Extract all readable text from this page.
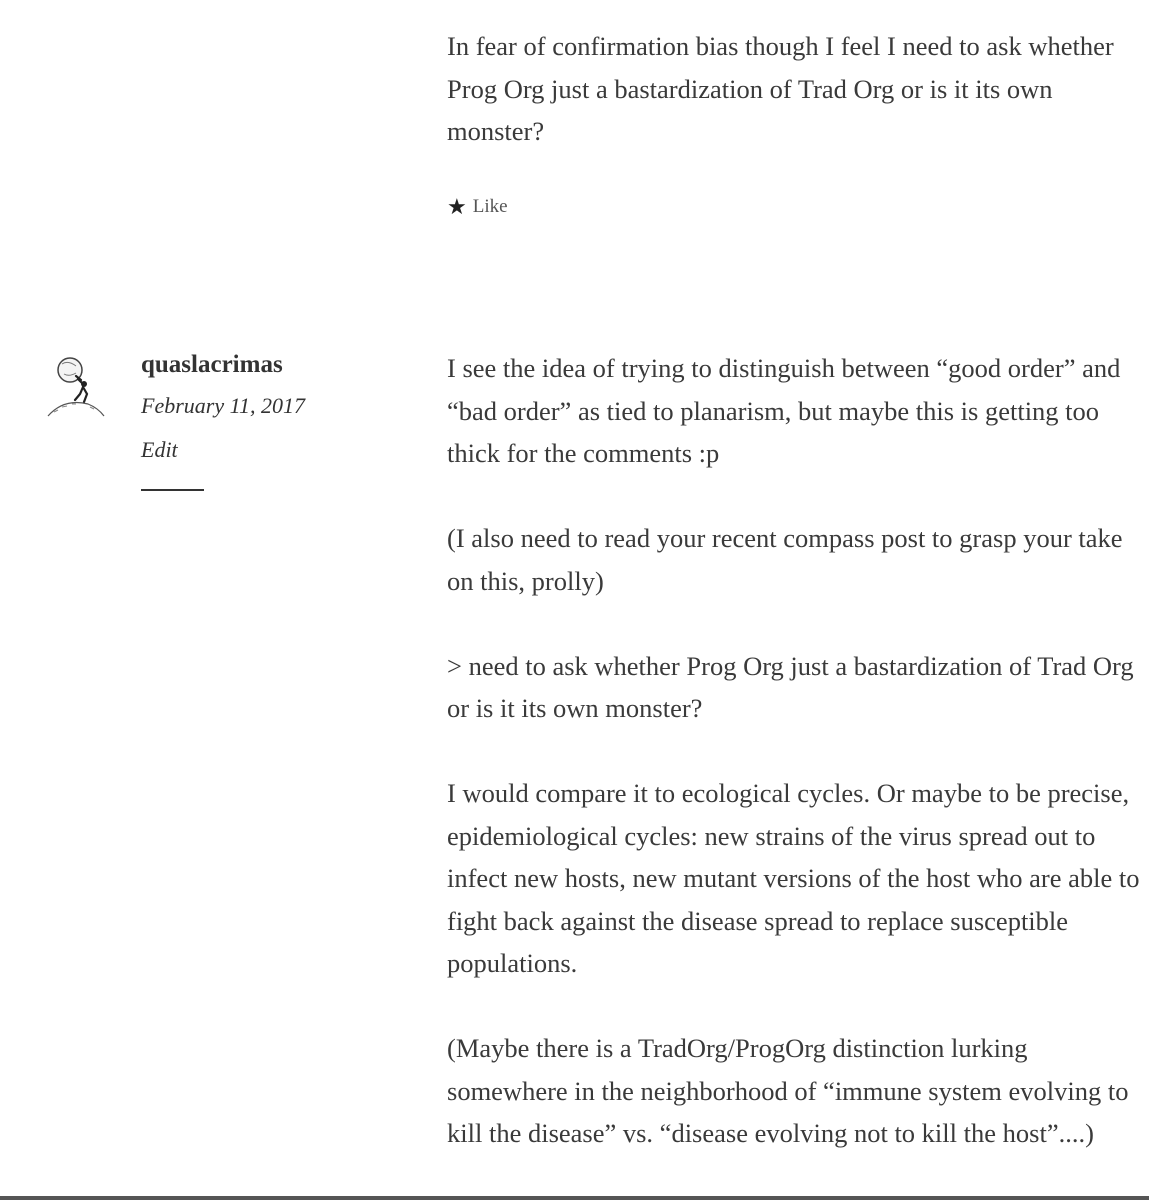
In fear of confirmation bias though I feel I need to ask whether Prog Org just a bastardization of Trad Org or is it its own monster?

★ Like
quaslacrimas
February 11, 2017
Edit

I see the idea of trying to distinguish between “good order” and “bad order” as tied to planarism, but maybe this is getting too thick for the comments :p

(I also need to read your recent compass post to grasp your take on this, prolly)

> need to ask whether Prog Org just a bastardization of Trad Org or is it its own monster?

I would compare it to ecological cycles. Or maybe to be precise, epidemiological cycles: new strains of the virus spread out to infect new hosts, new mutant versions of the host who are able to fight back against the disease spread to replace susceptible populations.

(Maybe there is a TradOrg/ProgOrg distinction lurking somewhere in the neighborhood of “immune system evolving to kill the disease” vs. “disease evolving not to kill the host”....)
